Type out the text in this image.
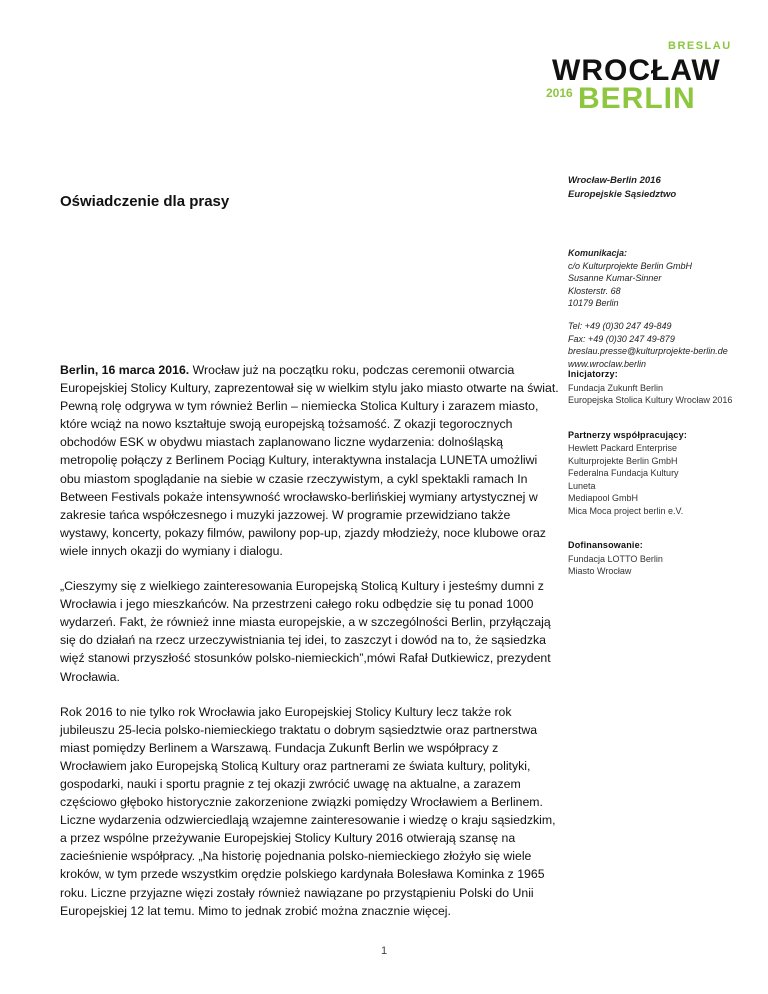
BRESLAU
WROCŁAW
2016 BERLIN
Wrocław-Berlin 2016
Europejskie Sąsiedztwo
Oświadczenie dla prasy
Komunikacja:
c/o Kulturprojekte Berlin GmbH
Susanne Kumar-Sinner
Klosterstr. 68
10179 Berlin
Tel: +49 (0)30 247 49-849
Fax: +49 (0)30 247 49-879
breslau.presse@kulturprojekte-berlin.de
www.wroclaw.berlin
Inicjatorzy:
Fundacja Zukunft Berlin
Europejska Stolica Kultury Wrocław 2016
Partnerzy współpracujący:
Hewlett Packard Enterprise
Kulturprojekte Berlin GmbH
Federalna Fundacja Kultury
Luneta
Mediapool GmbH
Mica Moca project berlin e.V.
Dofinansowanie:
Fundacja LOTTO Berlin
Miasto Wrocław

Berlin, 16 marca 2016. Wrocław już na początku roku, podczas ceremonii otwarcia Europejskiej Stolicy Kultury, zaprezentował się w wielkim stylu jako miasto otwarte na świat. Pewną rolę odgrywa w tym również Berlin – niemiecka Stolica Kultury i zarazem miasto, które wciąż na nowo kształtuje swoją europejską tożsamość. Z okazji tegorocznych obchodów ESK w obydwu miastach zaplanowano liczne wydarzenia: dolnośląską metropolię połączy z Berlinem Pociąg Kultury, interaktywna instalacja LUNETA umożliwi obu miastom spoglądanie na siebie w czasie rzeczywistym, a cykl spektakli ramach In Between Festivals pokaże intensywność wrocławsko-berlińskiej wymiany artystycznej w zakresie tańca współczesnego i muzyki jazzowej. W programie przewidziano także wystawy, koncerty, pokazy filmów, pawilony pop-up, zjazdy młodzieży, noce klubowe oraz wiele innych okazji do wymiany i dialogu.

„Cieszymy się z wielkiego zainteresowania Europejską Stolicą Kultury i jesteśmy dumni z Wrocławia i jego mieszkańców. Na przestrzeni całego roku odbędzie się tu ponad 1000 wydarzeń. Fakt, że również inne miasta europejskie, a w szczególności Berlin, przyłączają się do działań na rzecz urzeczywistniania tej idei, to zaszczyt i dowód na to, że sąsiedzka więź stanowi przyszłość stosunków polsko-niemieckich”,mówi Rafał Dutkiewicz, prezydent Wrocławia.

Rok 2016 to nie tylko rok Wrocławia jako Europejskiej Stolicy Kultury lecz także rok jubileuszu 25-lecia polsko-niemieckiego traktatu o dobrym sąsiedztwie oraz partnerstwa miast pomiędzy Berlinem a Warszawą. Fundacja Zukunft Berlin we współpracy z Wrocławiem jako Europejską Stolicą Kultury oraz partnerami ze świata kultury, polityki, gospodarki, nauki i sportu pragnie z tej okazji zwrócić uwagę na aktualne, a zarazem częściowo głęboko historycznie zakorzenione związki pomiędzy Wrocławiem a Berlinem. Liczne wydarzenia odzwierciedlają wzajemne zainteresowanie i wiedzę o kraju sąsiedzkim, a przez wspólne przeżywanie Europejskiej Stolicy Kultury 2016 otwierają szansę na zacieśnienie współpracy. „Na historię pojednania polsko-niemieckiego złożyło się wiele kroków, w tym przede wszystkim orędzie polskiego kardynała Bolesława Kominka z 1965 roku. Liczne przyjazne więzi zostały również nawiązane po przystąpieniu Polski do Unii Europejskiej 12 lat temu. Mimo to jednak zrobić można znacznie więcej.

1
